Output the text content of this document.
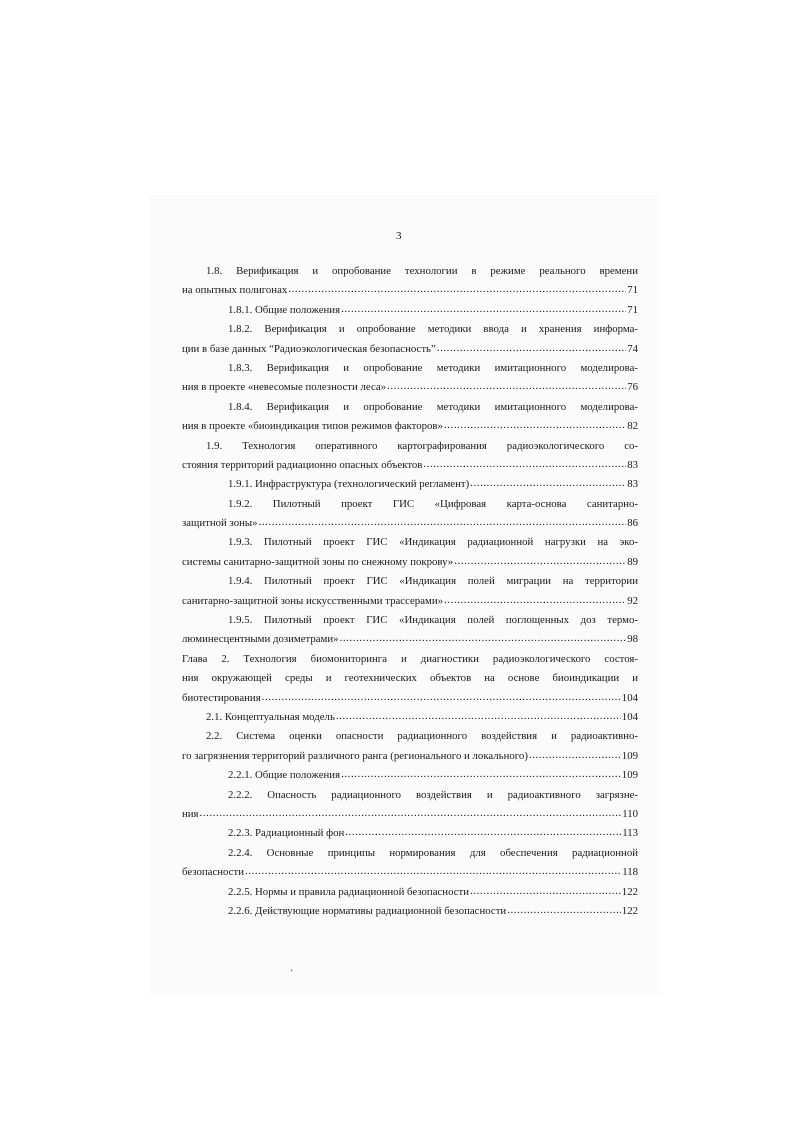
3
1.8. Верификация и опробование технологии в режиме реального времени
на опытных полигонах .....	71
1.8.1. Общие положения .....	71
1.8.2. Верификация и опробование методики ввода и хранения информа-
ции в базе данных “Радиоэкологическая безопасность” .....	74
1.8.3. Верификация и опробование методики имитационного моделирова-
ния в проекте «невесомые полезности леса» .....	76
1.8.4. Верификация и опробование методики имитационного моделирова-
ния в проекте «биоиндикация типов режимов факторов» .....	82
1.9. Технология оперативного картографирования радиоэкологического со-
стояния территорий радиационно опасных объектов .....	83
1.9.1. Инфраструктура (технологический регламент) .....	83
1.9.2. Пилотный проект ГИС «Цифровая карта-основа санитарно-
защитной зоны» .....	86
1.9.3. Пилотный проект ГИС «Индикация радиационной нагрузки на эко-
системы санитарно-защитной зоны по снежному покрову» .....	89
1.9.4. Пилотный проект ГИС «Индикация полей миграции на территории
санитарно-защитной зоны искусственными трассерами» .....	92
1.9.5. Пилотный проект ГИС «Индикация полей поглощенных доз термо-
люминесцентными дозиметрами» .....	98
Глава 2. Технология биомониторинга и диагностики радиоэкологического состоя-
ния окружающей среды и геотехнических объектов на основе биоиндикации и
биотестирования .....	104
2.1. Концептуальная модель .....	104
2.2. Система оценки опасности радиационного воздействия и радиоактивно-
го загрязнения территорий различного ранга (регионального и локального) .....	109
2.2.1. Общие положения .....	109
2.2.2. Опасность радиационного воздействия и радиоактивного загрязне-
ния .....	110
2.2.3. Радиационный фон .....	113
2.2.4. Основные принципы нормирования для обеспечения радиационной
безопасности .....	118
2.2.5. Нормы и правила радиационной безопасности .....	122
2.2.6. Действующие нормативы радиационной безопасности .....	122
'
